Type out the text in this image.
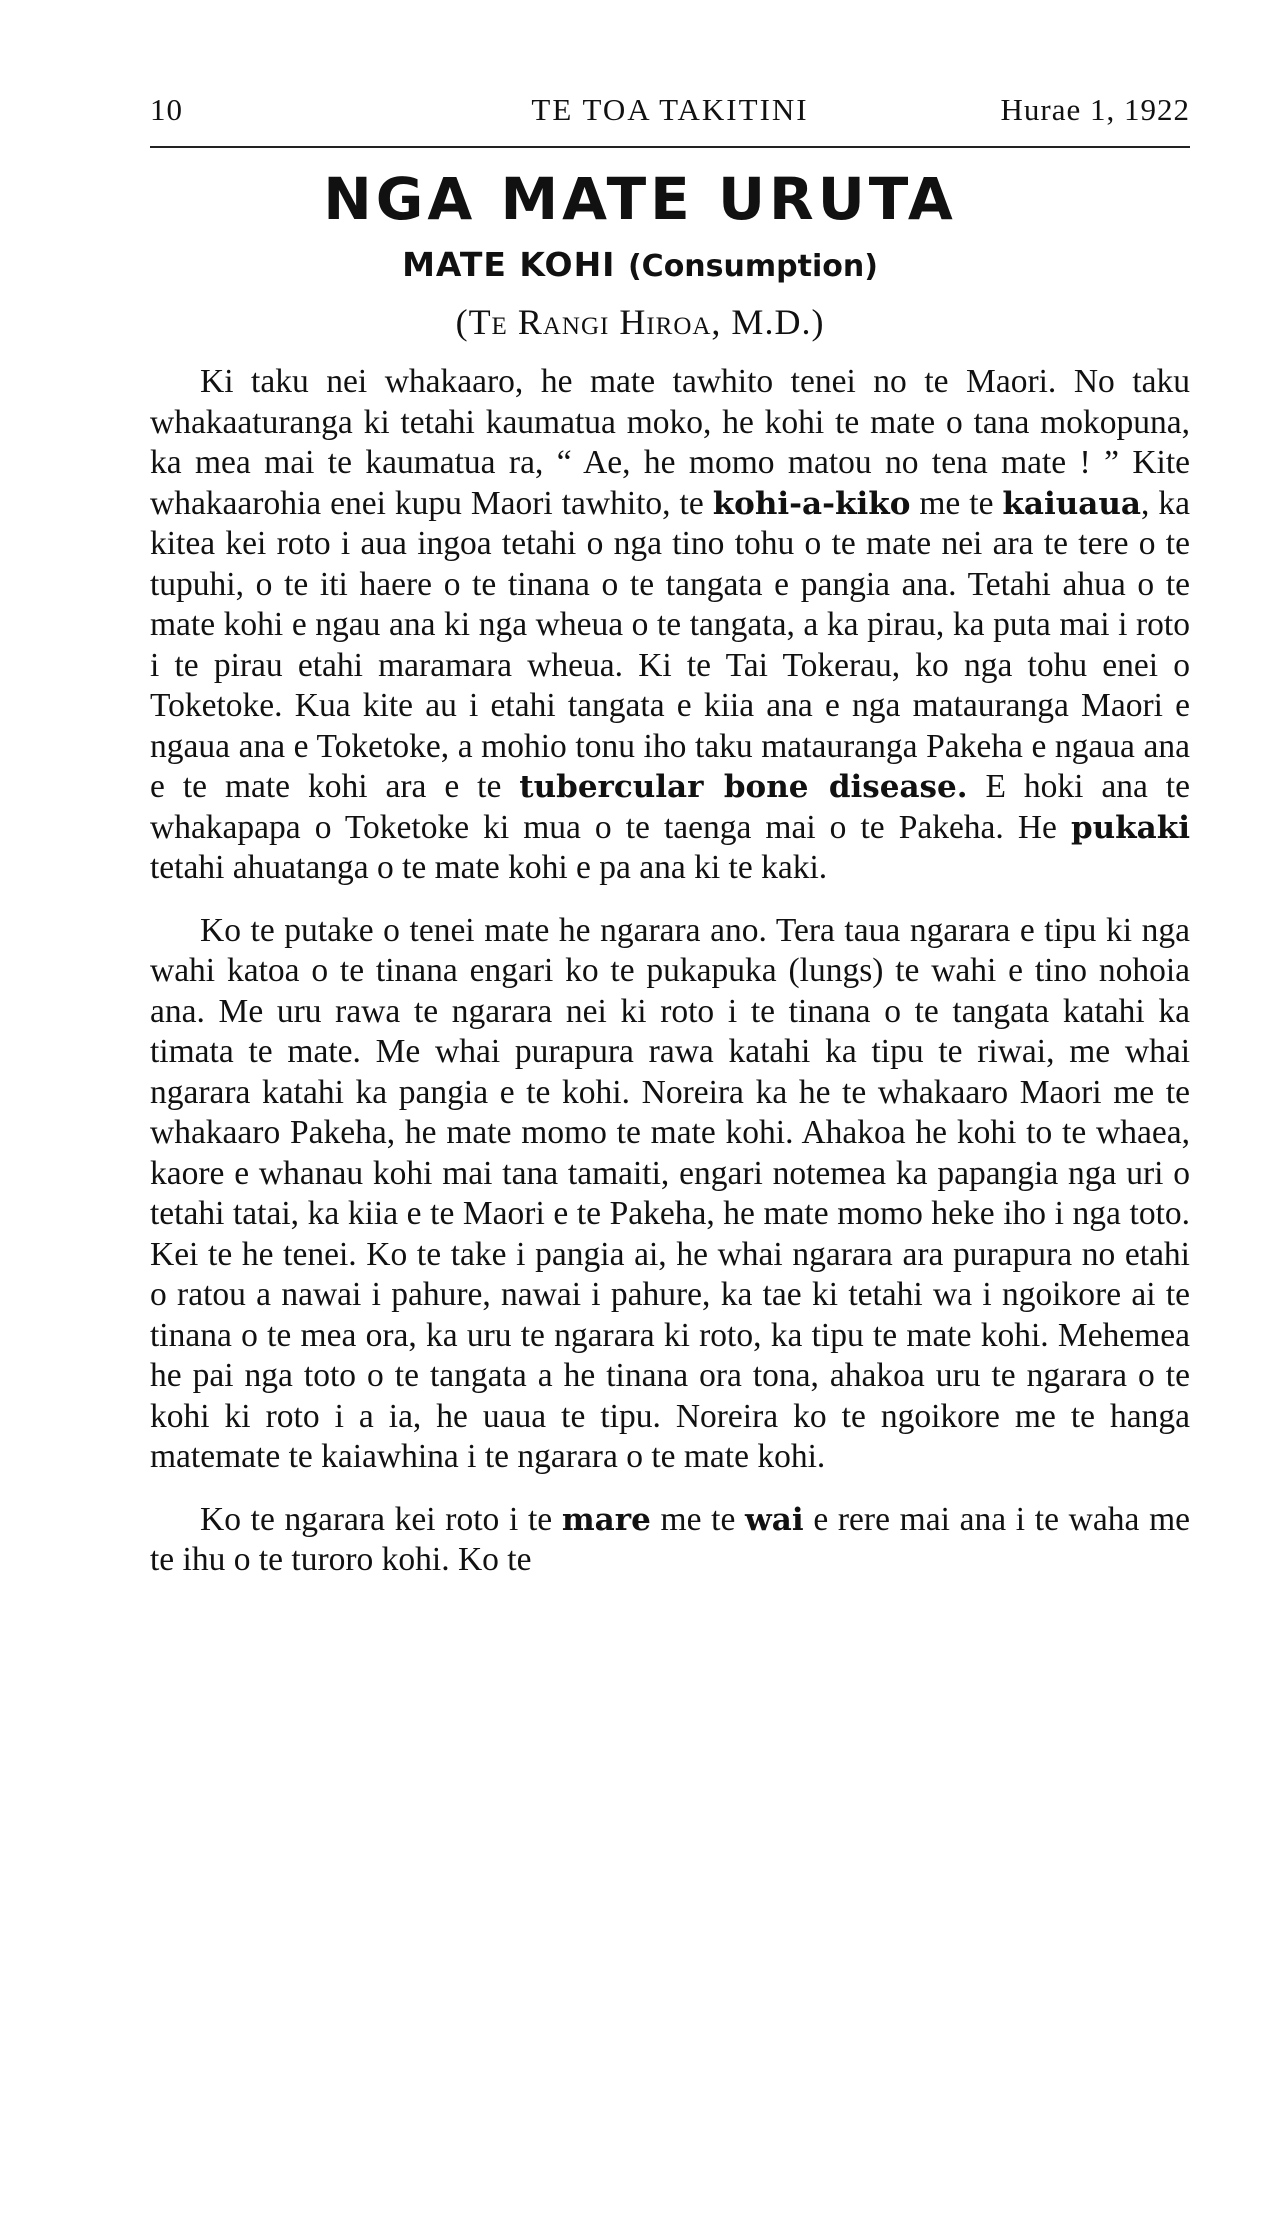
TE TOA TAKITINI
10	Hurae 1, 1922
NGA MATE URUTA
MATE KOHI (Consumption)
(Te Rangi Hiroa, M.D.)

Ki taku nei whakaaro, he mate tawhito tenei no te Maori. No taku whakaaturanga ki tetahi kaumatua moko, he kohi te mate o tana mokopuna, ka mea mai te kaumatua ra, “ Ae, he momo matou no tena mate ! ” Kite whakaarohia enei kupu Maori tawhito, te kohi-a-kiko me te kaiuaua, ka kitea kei roto i aua ingoa tetahi o nga tino tohu o te mate nei ara te tere o te tupuhi, o te iti haere o te tinana o te tangata e pangia ana. Tetahi ahua o te mate kohi e ngau ana ki nga wheua o te tangata, a ka pirau, ka puta mai i roto i te pirau etahi maramara wheua. Ki te Tai Tokerau, ko nga tohu enei o Toketoke. Kua kite au i etahi tangata e kiia ana e nga matauranga Maori e ngaua ana e Toketoke, a mohio tonu iho taku matauranga Pakeha e ngaua ana e te mate kohi ara e te tubercular bone disease. E hoki ana te whakapapa o Toketoke ki mua o te taenga mai o te Pakeha. He pukaki tetahi ahuatanga o te mate kohi e pa ana ki te kaki.

Ko te putake o tenei mate he ngarara ano. Tera taua ngarara e tipu ki nga wahi katoa o te tinana engari ko te pukapuka (lungs) te wahi e tino nohoia ana. Me uru rawa te ngarara nei ki roto i te tinana o te tangata katahi ka timata te mate. Me whai purapura rawa katahi ka tipu te riwai, me whai ngarara katahi ka pangia e te kohi. Noreira ka he te whakaaro Maori me te whakaaro Pakeha, he mate momo te mate kohi. Ahakoa he kohi to te whaea, kaore e whanau kohi mai tana tamaiti, engari notemea ka papangia nga uri o tetahi tatai, ka kiia e te Maori e te Pakeha, he mate momo heke iho i nga toto. Kei te he tenei. Ko te take i pangia ai, he whai ngarara ara purapura no etahi o ratou a nawai i pahure, nawai i pahure, ka tae ki tetahi wa i ngoikore ai te tinana o te mea ora, ka uru te ngarara ki roto, ka tipu te mate kohi. Mehemea he pai nga toto o te tangata a he tinana ora tona, ahakoa uru te ngarara o te kohi ki roto i a ia, he uaua te tipu. Noreira ko te ngoikore me te hanga matemate te kaiawhina i te ngarara o te mate kohi.

Ko te ngarara kei roto i te mare me te wai e rere mai ana i te waha me te ihu o te turoro kohi. Ko te
